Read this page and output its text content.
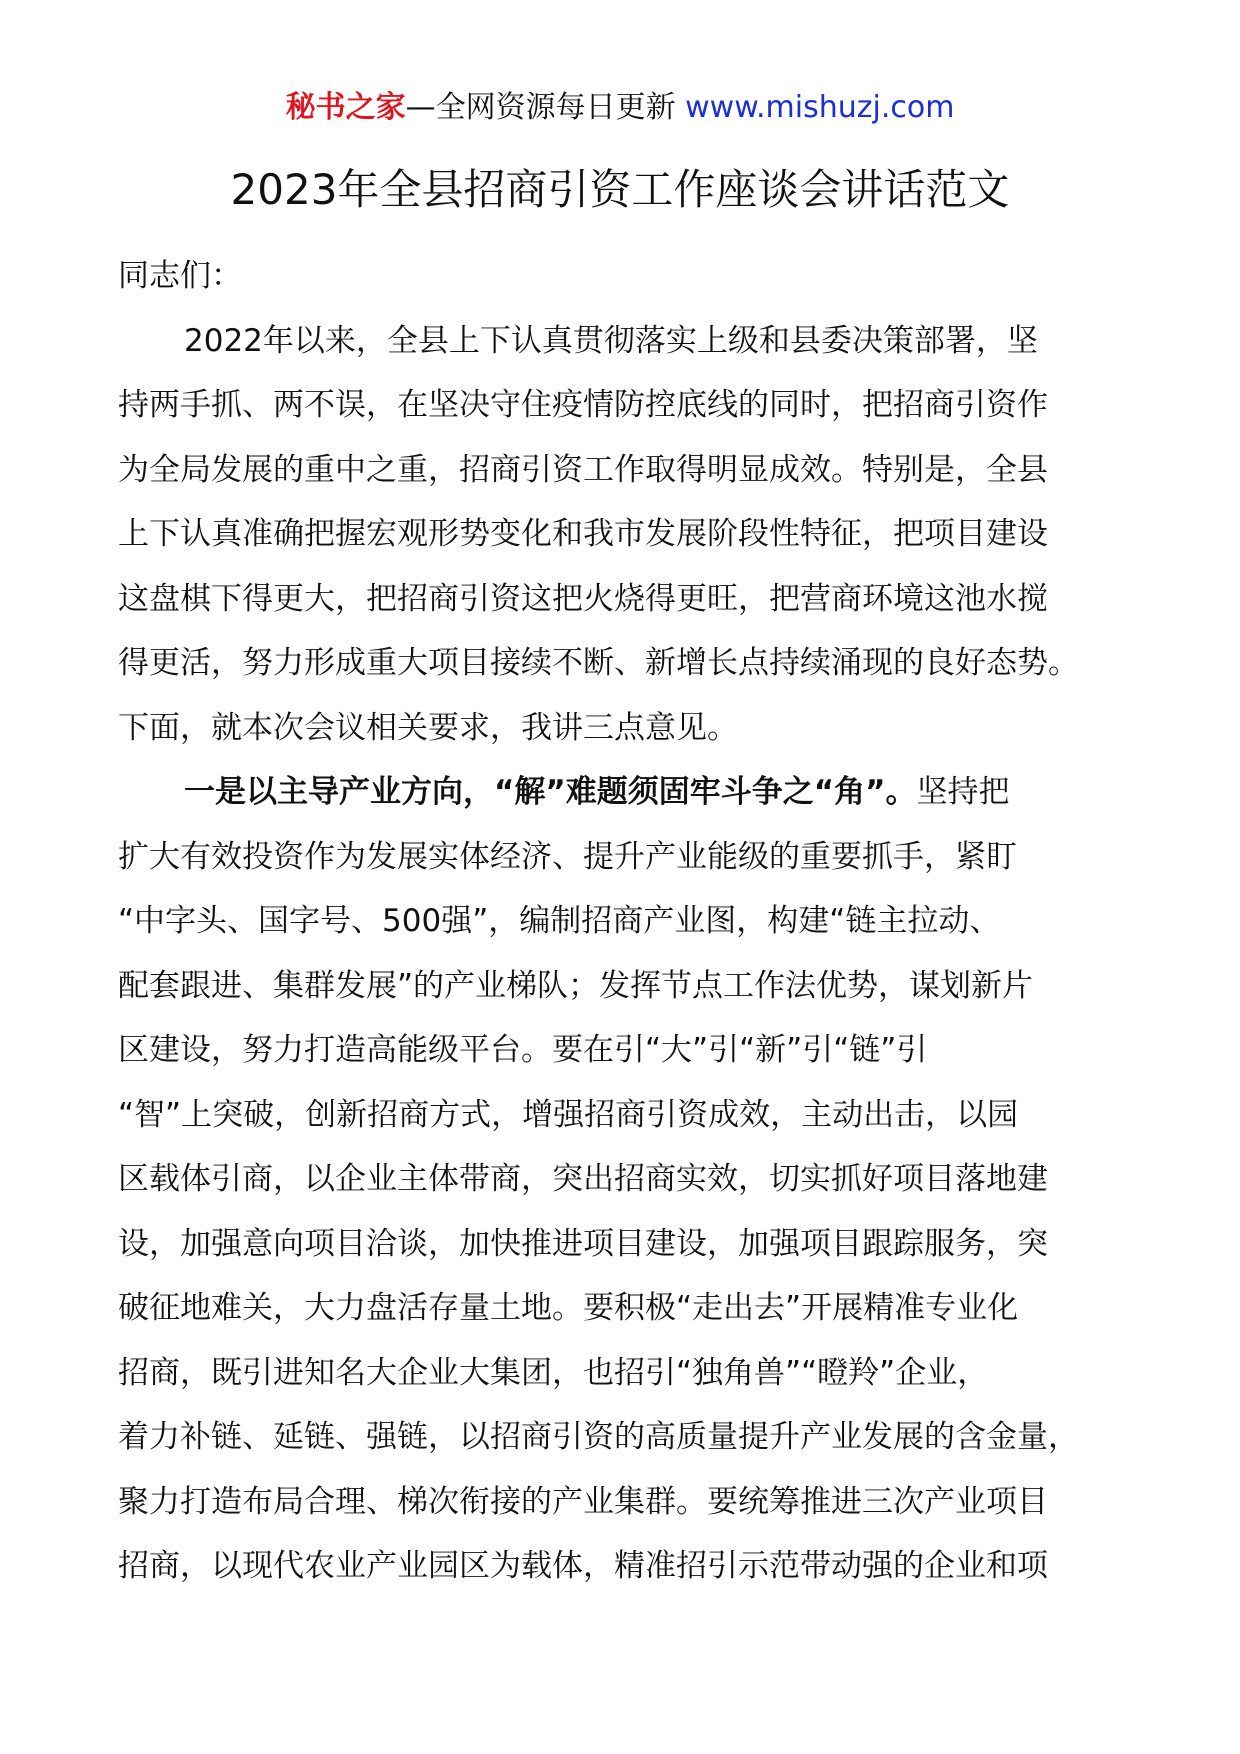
秘书之家—全网资源每日更新 www.mishuzj.com
2023年全县招商引资工作座谈会讲话范文
同志们：
2022年以来，全县上下认真贯彻落实上级和县委决策部署，坚
持两手抓、两不误，在坚决守住疫情防控底线的同时，把招商引资作
为全局发展的重中之重，招商引资工作取得明显成效。特别是，全县
上下认真准确把握宏观形势变化和我市发展阶段性特征，把项目建设
这盘棋下得更大，把招商引资这把火烧得更旺，把营商环境这池水搅
得更活，努力形成重大项目接续不断、新增长点持续涌现的良好态势。
下面，就本次会议相关要求，我讲三点意见。
一是以主导产业方向，“解”难题须固牢斗争之“角”。坚持把
扩大有效投资作为发展实体经济、提升产业能级的重要抓手，紧盯
“中字头、国字号、500强”，编制招商产业图，构建“链主拉动、
配套跟进、集群发展”的产业梯队；发挥节点工作法优势，谋划新片
区建设，努力打造高能级平台。要在引“大”引“新”引“链”引
“智”上突破，创新招商方式，增强招商引资成效，主动出击，以园
区载体引商，以企业主体带商，突出招商实效，切实抓好项目落地建
设，加强意向项目洽谈，加快推进项目建设，加强项目跟踪服务，突
破征地难关，大力盘活存量土地。要积极“走出去”开展精准专业化
招商，既引进知名大企业大集团，也招引“独角兽”“瞪羚”企业，
着力补链、延链、强链，以招商引资的高质量提升产业发展的含金量，
聚力打造布局合理、梯次衔接的产业集群。要统筹推进三次产业项目
招商，以现代农业产业园区为载体，精准招引示范带动强的企业和项
